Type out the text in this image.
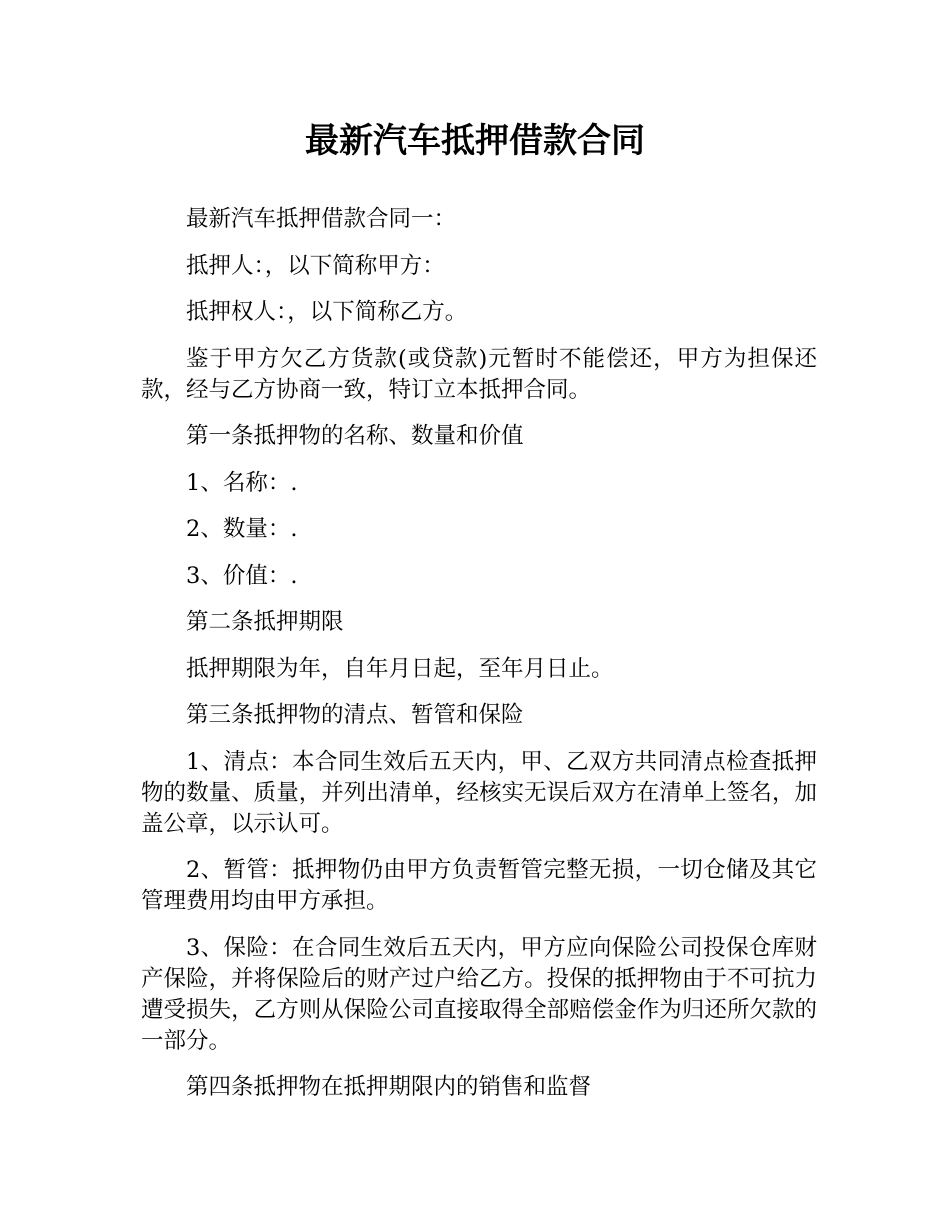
最新汽车抵押借款合同

最新汽车抵押借款合同一：

抵押人：，以下简称甲方：

抵押权人：，以下简称乙方。

鉴于甲方欠乙方货款(或贷款)元暂时不能偿还，甲方为担保还款，经与乙方协商一致，特订立本抵押合同。

第一条抵押物的名称、数量和价值

1、名称：.

2、数量：.

3、价值：.

第二条抵押期限

抵押期限为年，自年月日起，至年月日止。

第三条抵押物的清点、暂管和保险

1、清点：本合同生效后五天内，甲、乙双方共同清点检查抵押物的数量、质量，并列出清单，经核实无误后双方在清单上签名，加盖公章，以示认可。

2、暂管：抵押物仍由甲方负责暂管完整无损，一切仓储及其它管理费用均由甲方承担。

3、保险：在合同生效后五天内，甲方应向保险公司投保仓库财产保险，并将保险后的财产过户给乙方。投保的抵押物由于不可抗力遭受损失，乙方则从保险公司直接取得全部赔偿金作为归还所欠款的一部分。

第四条抵押物在抵押期限内的销售和监督
